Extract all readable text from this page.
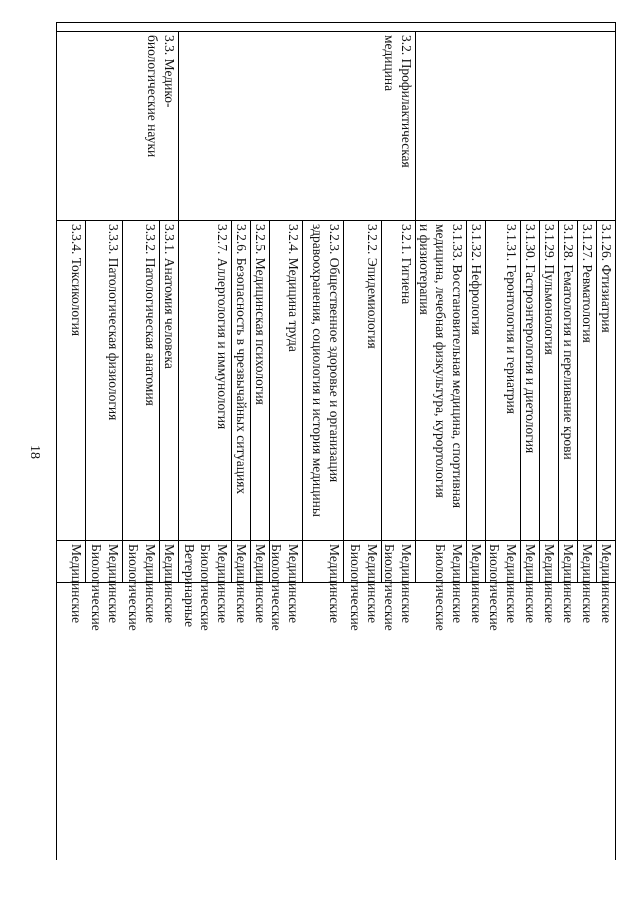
18
3.2. Профилактическая
медицина
3.3. Медико-
биологические науки
3.1.26. Фтизиатрия
Медицинские
3.1.27. Ревматология
Медицинские
3.1.28. Гематология и переливание крови
Медицинские
3.1.29. Пульмонология
Медицинские
3.1.30. Гастроэнтерология и диетология
Медицинские
3.1.31. Геронтология и гериатрия
Медицинские
Биологические
3.1.32. Нефрология
Медицинские
3.1.33. Восстановительная медицина, спортивная
медицина, лечебная физкультура, курортология
и физиотерапия
Медицинские
Биологические
3.2.1. Гигиена
Медицинские
Биологические
3.2.2. Эпидемиология
Медицинские
Биологические
3.2.3. Общественное здоровье и организация
здравоохранения, социология и история медицины
Медицинские
3.2.4. Медицина труда
Медицинские
Биологические
3.2.5. Медицинская психология
Медицинские
3.2.6. Безопасность в чрезвычайных ситуациях
Медицинские
3.2.7. Аллергология и иммунология
Медицинские
Биологические
Ветеринарные
3.3.1. Анатомия человека
Медицинские
3.3.2. Патологическая анатомия
Медицинские
Биологические
3.3.3. Патологическая физиология
Медицинские
Биологические
3.3.4. Токсикология
Медицинские
